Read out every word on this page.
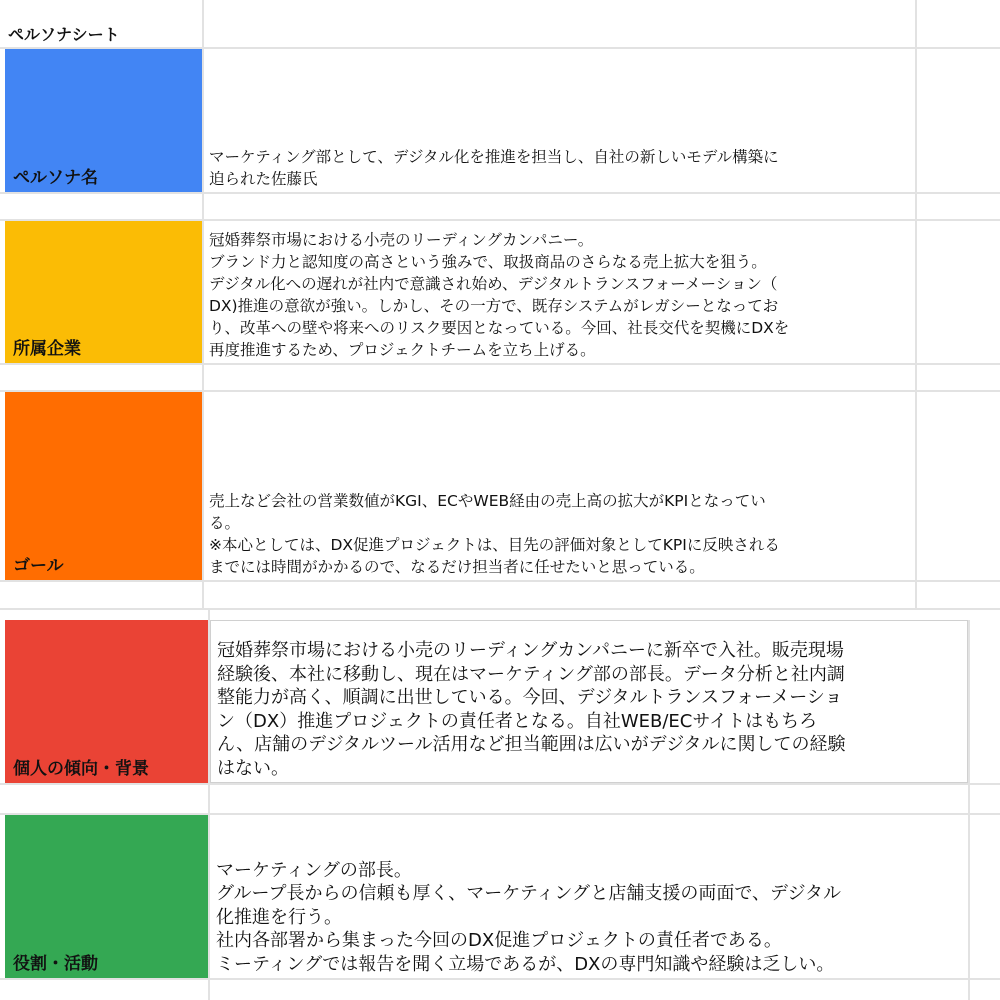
ペルソナシート
ペルソナ名
マーケティング部として、デジタル化を推進を担当し、自社の新しいモデル構築に
迫られた佐藤氏
所属企業
冠婚葬祭市場における小売のリーディングカンパニー。
ブランド力と認知度の高さという強みで、取扱商品のさらなる売上拡大を狙う。
デジタル化への遅れが社内で意識され始め、デジタルトランスフォーメーション（
DX)推進の意欲が強い。しかし、その一方で、既存システムがレガシーとなってお
り、改革への壁や将来へのリスク要因となっている。今回、社長交代を契機にDXを
再度推進するため、プロジェクトチームを立ち上げる。
ゴール
売上など会社の営業数値がKGI、ECやWEB経由の売上高の拡大がKPIとなってい
る。
※本心としては、DX促進プロジェクトは、目先の評価対象としてKPIに反映される
までには時間がかかるので、なるだけ担当者に任せたいと思っている。
個人の傾向・背景
冠婚葬祭市場における小売のリーディングカンパニーに新卒で入社。販売現場
経験後、本社に移動し、現在はマーケティング部の部長。データ分析と社内調
整能力が高く、順調に出世している。今回、デジタルトランスフォーメーショ
ン（DX）推進プロジェクトの責任者となる。自社WEB/ECサイトはもちろ
ん、店舗のデジタルツール活用など担当範囲は広いがデジタルに関しての経験
はない。
役割・活動
マーケティングの部長。
グループ長からの信頼も厚く、マーケティングと店舗支援の両面で、デジタル
化推進を行う。
社内各部署から集まった今回のDX促進プロジェクトの責任者である。
ミーティングでは報告を聞く立場であるが、DXの専門知識や経験は乏しい。
